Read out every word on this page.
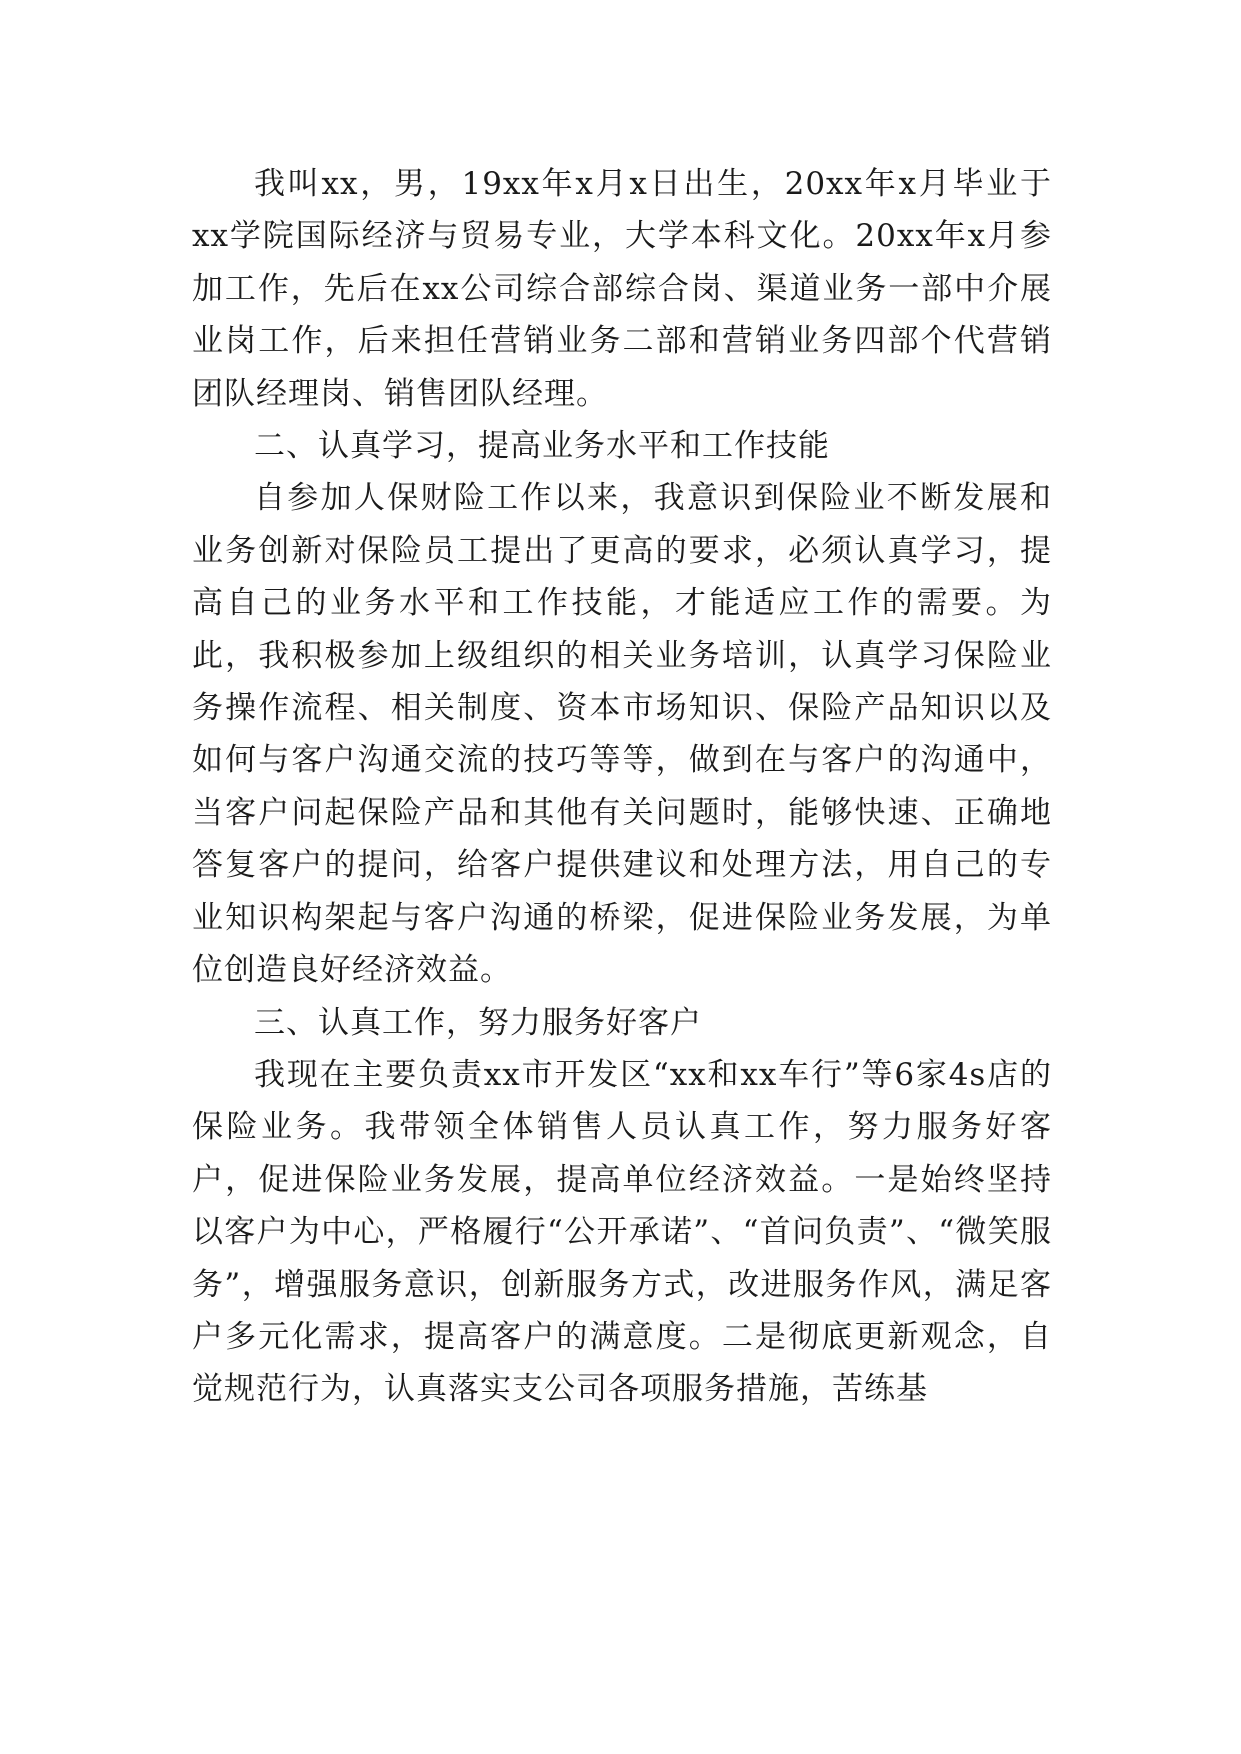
我叫xx，男，19xx年x月x日出生，20xx年x月毕业于xx学院国际经济与贸易专业，大学本科文化。20xx年x月参加工作，先后在xx公司综合部综合岗、渠道业务一部中介展业岗工作，后来担任营销业务二部和营销业务四部个代营销团队经理岗、销售团队经理。

二、认真学习，提高业务水平和工作技能

自参加人保财险工作以来，我意识到保险业不断发展和业务创新对保险员工提出了更高的要求，必须认真学习，提高自己的业务水平和工作技能，才能适应工作的需要。为此，我积极参加上级组织的相关业务培训，认真学习保险业务操作流程、相关制度、资本市场知识、保险产品知识以及如何与客户沟通交流的技巧等等，做到在与客户的沟通中，当客户问起保险产品和其他有关问题时，能够快速、正确地答复客户的提问，给客户提供建议和处理方法，用自己的专业知识构架起与客户沟通的桥梁，促进保险业务发展，为单位创造良好经济效益。

三、认真工作，努力服务好客户

我现在主要负责xx市开发区“xx和xx车行”等6家4s店的保险业务。我带领全体销售人员认真工作，努力服务好客户，促进保险业务发展，提高单位经济效益。一是始终坚持以客户为中心，严格履行“公开承诺”、“首问负责”、“微笑服务”，增强服务意识，创新服务方式，改进服务作风，满足客户多元化需求，提高客户的满意度。二是彻底更新观念，自觉规范行为，认真落实支公司各项服务措施，苦练基
